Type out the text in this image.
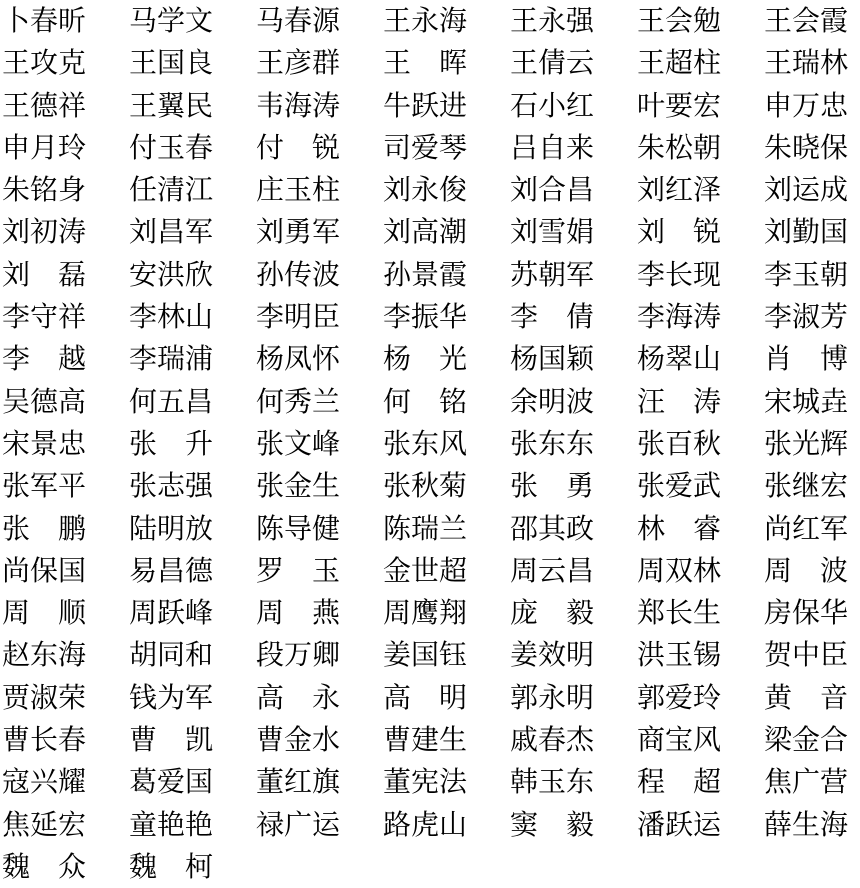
卜春昕	马学文	马春源	王永海	王永强	王会勉	王会霞
王攻克	王国良	王彦群	王　晖	王倩云	王超柱	王瑞林
王德祥	王翼民	韦海涛	牛跃进	石小红	叶要宏	申万忠
申月玲	付玉春	付　锐	司爱琴	吕自来	朱松朝	朱晓保
朱铭身	任清江	庄玉柱	刘永俊	刘合昌	刘红泽	刘运成
刘初涛	刘昌军	刘勇军	刘高潮	刘雪娟	刘　锐	刘勤国
刘　磊	安洪欣	孙传波	孙景霞	苏朝军	李长现	李玉朝
李守祥	李林山	李明臣	李振华	李　倩	李海涛	李淑芳
李　越	李瑞浦	杨凤怀	杨　光	杨国颖	杨翠山	肖　博
吴德高	何五昌	何秀兰	何　铭	余明波	汪　涛	宋城垚
宋景忠	张　升	张文峰	张东风	张东东	张百秋	张光辉
张军平	张志强	张金生	张秋菊	张　勇	张爱武	张继宏
张　鹏	陆明放	陈导健	陈瑞兰	邵其政	林　睿	尚红军
尚保国	易昌德	罗　玉	金世超	周云昌	周双林	周　波
周　顺	周跃峰	周　燕	周鹰翔	庞　毅	郑长生	房保华
赵东海	胡同和	段万卿	姜国钰	姜效明	洪玉锡	贺中臣
贾淑荣	钱为军	高　永	高　明	郭永明	郭爱玲	黄　音
曹长春	曹　凯	曹金水	曹建生	戚春杰	商宝风	梁金合
寇兴耀	葛爱国	董红旗	董宪法	韩玉东	程　超	焦广营
焦延宏	童艳艳	禄广运	路虎山	窦　毅	潘跃运	薛生海
魏　众	魏　柯
